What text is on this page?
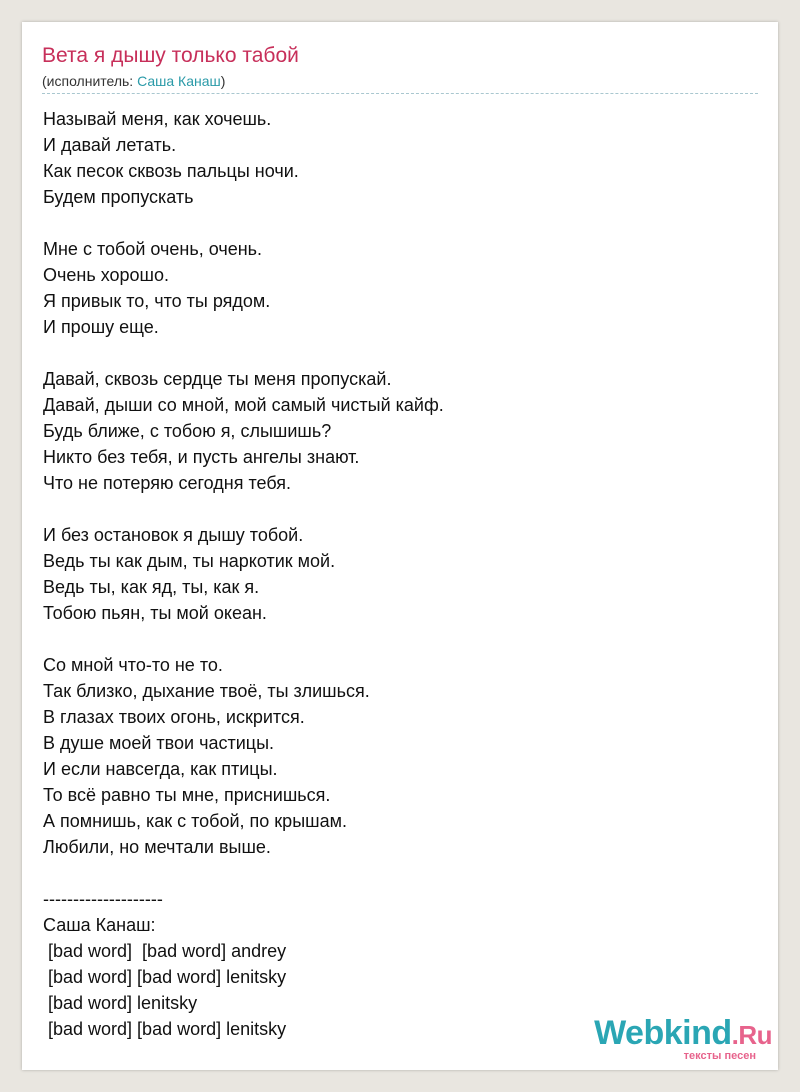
Вета я дышу только табой
(исполнитель: Саша Канаш)
Называй меня, как хочешь.
И давай летать.
Как песок сквозь пальцы ночи.
Будем пропускать
Мне с тобой очень, очень.
Очень хорошо.
Я привык то, что ты рядом.
И прошу еще.
Давай, сквозь сердце ты меня пропускай.
Давай, дыши со мной, мой самый чистый кайф.
Будь ближе, с тобою я, слышишь?
Никто без тебя, и пусть ангелы знают.
Что не потеряю сегодня тебя.
И без остановок я дышу тобой.
Ведь ты как дым, ты наркотик мой.
Ведь ты, как яд, ты, как я.
Тобою пьян, ты мой океан.
Со мной что-то не то.
Так близко, дыхание твоё, ты злишься.
В глазах твоих огонь, искрится.
В душе моей твои частицы.
И если навсегда, как птицы.
То всё равно ты мне, приснишься.
А помнишь, как с тобой, по крышам.
Любили, но мечтали выше.
--------------------
Саша Канаш:
[bad word]  [bad word] andrey
[bad word] [bad word] lenitsky
[bad word] lenitsky
[bad word] [bad word] lenitsky	Webkind.Ru
тексты песен
